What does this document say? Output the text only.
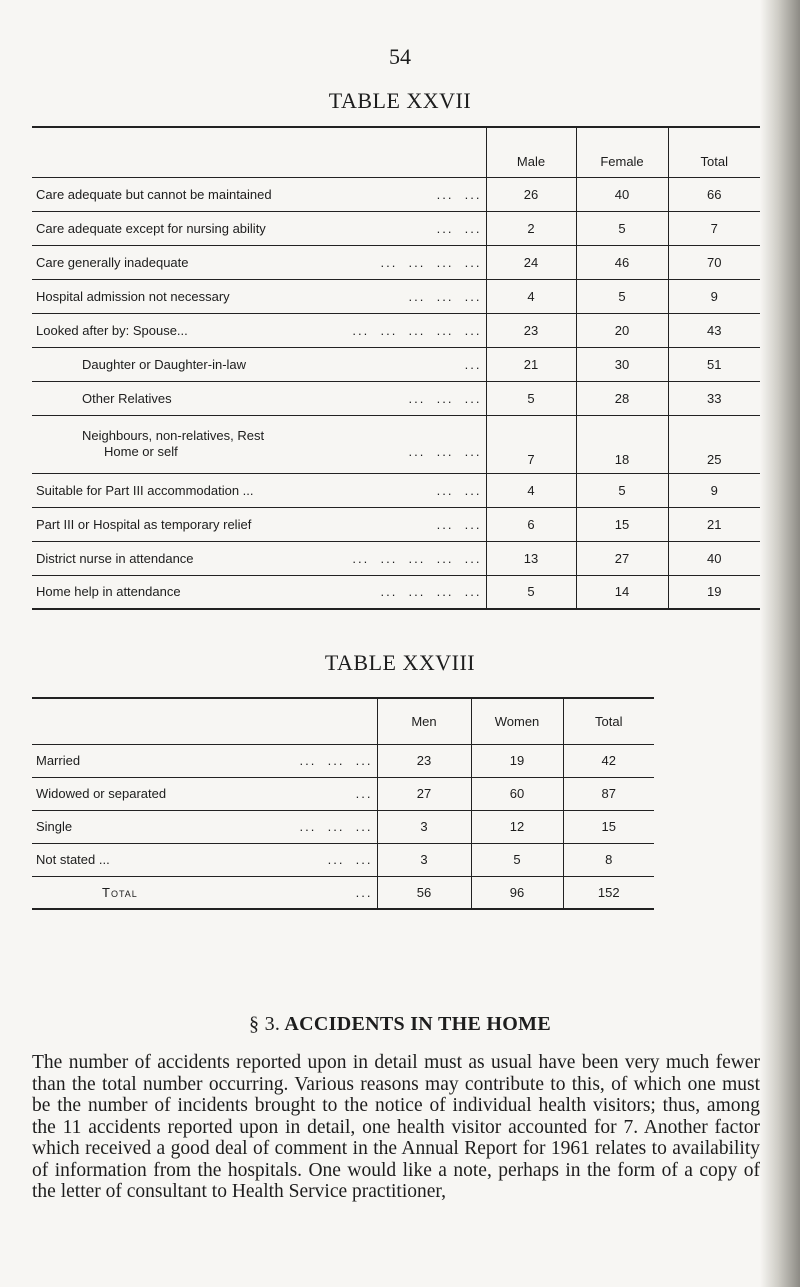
54
TABLE XXVII
	Male	Female	Total

Care adequate but cannot be maintained ...  ...	26	40	66

Care adequate except for nursing ability ...  ...	2	5	7

Care generally inadequate ...  ...  ...  ...	24	46	70

Hospital admission not necessary ...  ...  ...	4	5	9

Looked after by: Spouse... ...  ...  ...  ...  ...	23	20	43

Daughter or Daughter-in-law ...	21	30	51

Other Relatives ...  ...  ...	5	28	33

Neighbours, non-relatives, Rest
Home or self ...  ...  ...	7	18	25

Suitable for Part III accommodation ... ...  ...	4	5	9

Part III or Hospital as temporary relief ...  ...	6	15	21

District nurse in attendance ...  ...  ...  ...  ...	13	27	40

Home help in attendance ...  ...  ...  ...	5	14	19
TABLE XXVIII
	Men	Women	Total

Married ...  ...  ...	23	19	42

Widowed or separated ...	27	60	87

Single ...  ...  ...	3	12	15

Not stated ... ...  ...	3	5	8

Total ...	56	96	152
§ 3. ACCIDENTS IN THE HOME
The number of accidents reported upon in detail must as usual have been very much fewer than the total number occurring. Various reasons may contribute to this, of which one must be the number of incidents brought to the notice of individual health visitors; thus, among the 11 accidents reported upon in detail, one health visitor accounted for 7. Another factor which received a good deal of comment in the Annual Report for 1961 relates to availability of information from the hospitals. One would like a note, perhaps in the form of a copy of the letter of consultant to Health Service practitioner,
